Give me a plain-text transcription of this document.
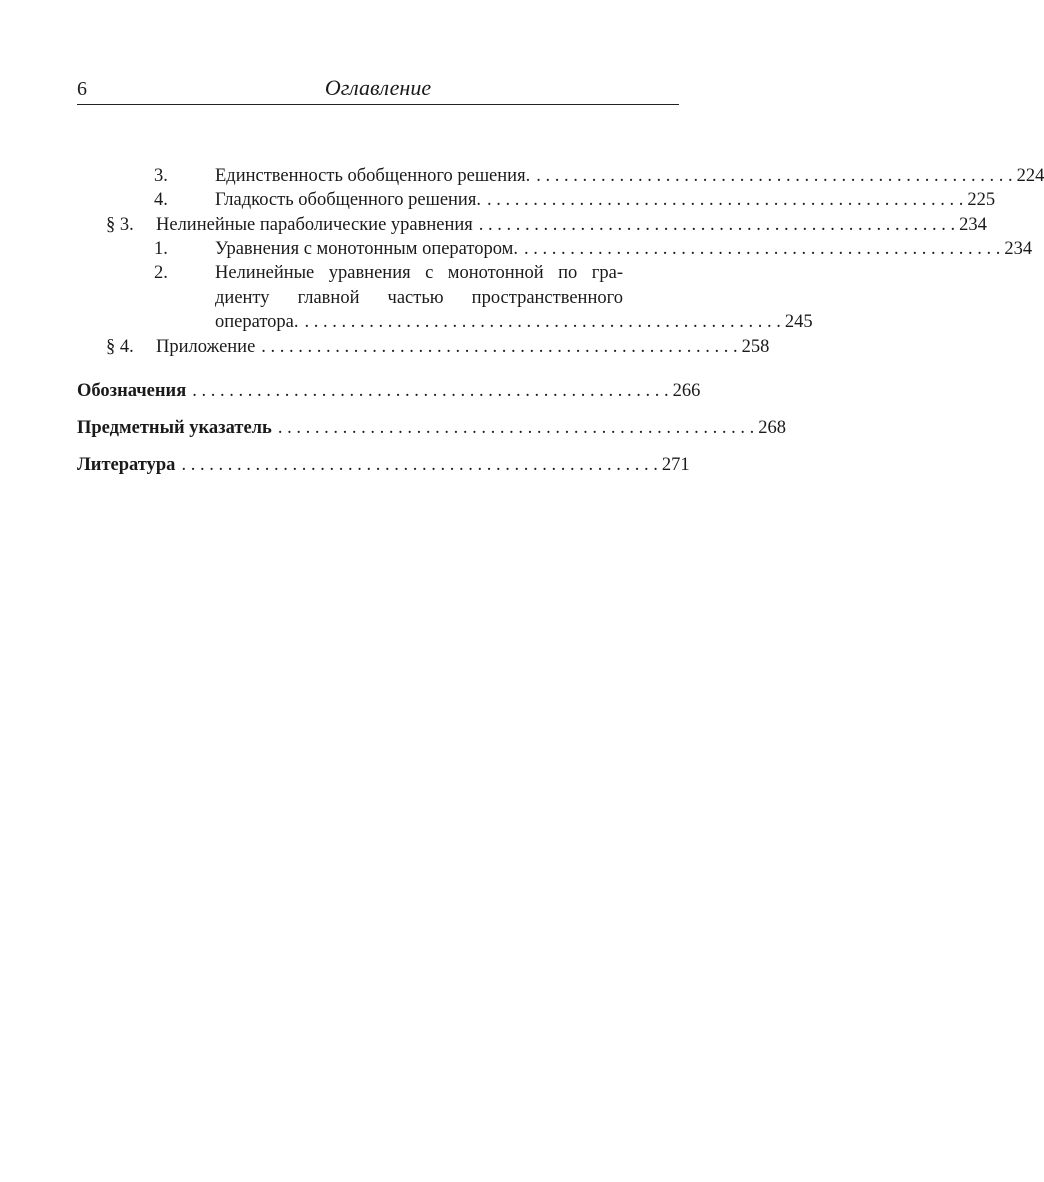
6	Оглавление
3.	Единственность обобщенного решения. . . . . . . . . . . . . . . . . . . . . . . . . . . . . . . . . . . . . . . . . . . . . . . . . . . . . 224
4.	Гладкость обобщенного решения. . . . . . . . . . . . . . . . . . . . . . . . . . . . . . . . . . . . . . . . . . . . . . . . . . . . . 225
§ 3. Нелинейные параболические уравнения . . . . . . . . . . . . . . . . . . . . . . . . . . . . . . . . . . . . . . . . . . . . . . . . . . . . 234
1.	Уравнения с монотонным оператором. . . . . . . . . . . . . . . . . . . . . . . . . . . . . . . . . . . . . . . . . . . . . . . . . . . . . 234
2.	Нелинейные уравнения с монотонной по гра-
диенту главной частью пространственного
оператора. . . . . . . . . . . . . . . . . . . . . . . . . . . . . . . . . . . . . . . . . . . . . . . . . . . . . 245
§ 4. Приложение . . . . . . . . . . . . . . . . . . . . . . . . . . . . . . . . . . . . . . . . . . . . . . . . . . . . 258
Обозначения . . . . . . . . . . . . . . . . . . . . . . . . . . . . . . . . . . . . . . . . . . . . . . . . . . . . 266
Предметный указатель . . . . . . . . . . . . . . . . . . . . . . . . . . . . . . . . . . . . . . . . . . . . . . . . . . . . 268
Литература . . . . . . . . . . . . . . . . . . . . . . . . . . . . . . . . . . . . . . . . . . . . . . . . . . . . 271
